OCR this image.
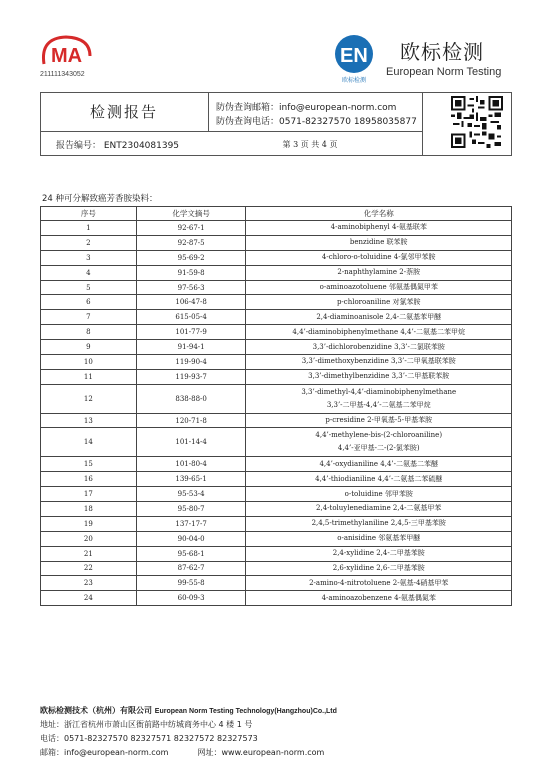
MA
211111343052
EN
欧标检测
欧标检测
European Norm Testing
检测报告	防伪查询邮箱：info@european-norm.com
防伪查询电话：0571-82327570 18958035877
报告编号： ENT2304081395	第 3 页 共 4 页
24 种可分解致癌芳香胺染料：
序号	化学文摘号	化学名称
1	92-67-1	4-aminobiphenyl 4-氨基联苯

2	92-87-5	benzidine 联苯胺

3	95-69-2	4-chloro-o-toluidine 4-氯邻甲苯胺

4	91-59-8	2-naphthylamine 2-萘胺

5	97-56-3	o-aminoazotoluene 邻氨基偶氮甲苯

6	106-47-8	p-chloroaniline 对氯苯胺

7	615-05-4	2,4-diaminoanisole 2,4-二氨基苯甲醚

8	101-77-9	4,4’-diaminobiphenylmethane 4,4’-二氨基二苯甲烷

9	91-94-1	3,3’-dichlorobenzidine 3,3’-二氯联苯胺

10	119-90-4	3,3’-dimethoxybenzidine 3,3’-二甲氧基联苯胺

11	119-93-7	3,3’-dimethylbenzidine 3,3’-二甲基联苯胺

12	838-88-0	3,3’-dimethyl-4,4’-diaminobiphenylmethane
3,3’-二甲基-4,4’-二氨基二苯甲烷

13	120-71-8	p-cresidine 2-甲氧基-5-甲基苯胺

14	101-14-4	4,4’-methylene-bis-(2-chloroaniline)
4,4’-亚甲基-二-(2-氯苯胺)

15	101-80-4	4,4’-oxydianiline 4,4’-二氨基二苯醚

16	139-65-1	4,4’-thiodianiline 4,4’-二氨基二苯硫醚

17	95-53-4	o-toluidine 邻甲苯胺

18	95-80-7	2,4-toluylenediamine 2,4-二氨基甲苯

19	137-17-7	2,4,5-trimethylaniline 2,4,5-三甲基苯胺

20	90-04-0	o-anisidine 邻氨基苯甲醚

21	95-68-1	2,4-xylidine 2,4-二甲基苯胺

22	87-62-7	2,6-xylidine 2,6-二甲基苯胺

23	99-55-8	2-amino-4-nitrotoluene 2-氨基-4硝基甲苯

24	60-09-3	4-aminoazobenzene 4-氨基偶氮苯
欧标检测技术（杭州）有限公司 European Norm Testing Technology(Hangzhou)Co.,Ltd
地址：浙江省杭州市萧山区衙前路中纺城商务中心 4 楼 1 号
电话：0571-82327570 82327571 82327572 82327573
邮箱：info@european-norm.com	网址：www.european-norm.com
